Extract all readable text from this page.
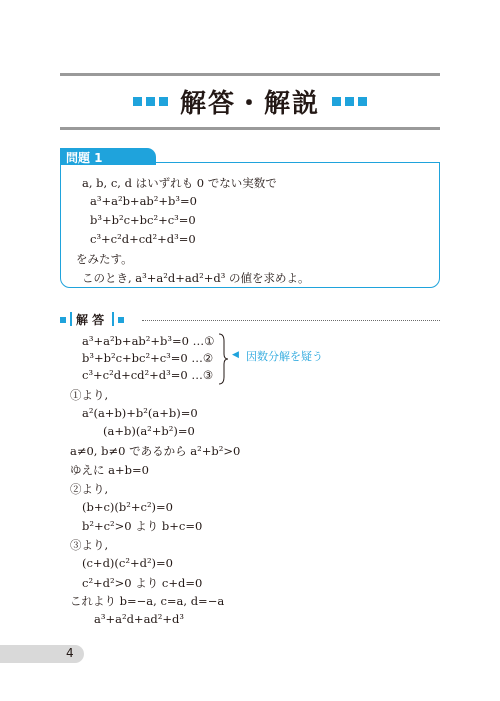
解答・解説
問題 1
a, b, c, d はいずれも 0 でない実数で
a³+a²b+ab²+b³=0
b³+b²c+bc²+c³=0
c³+c²d+cd²+d³=0
をみたす。
このとき, a³+a²d+ad²+d³ の値を求めよ。
解 答
a³+a²b+ab²+b³=0 …①
b³+b²c+bc²+c³=0 …②
c³+c²d+cd²+d³=0 …③
◀ 因数分解を疑う
①より,
a²(a+b)+b²(a+b)=0
(a+b)(a²+b²)=0
a≠0, b≠0 であるから a²+b²>0
ゆえに a+b=0
②より,
(b+c)(b²+c²)=0
b²+c²>0 より b+c=0
③より,
(c+d)(c²+d²)=0
c²+d²>0 より c+d=0
これより b=−a, c=a, d=−a
a³+a²d+ad²+d³
4
